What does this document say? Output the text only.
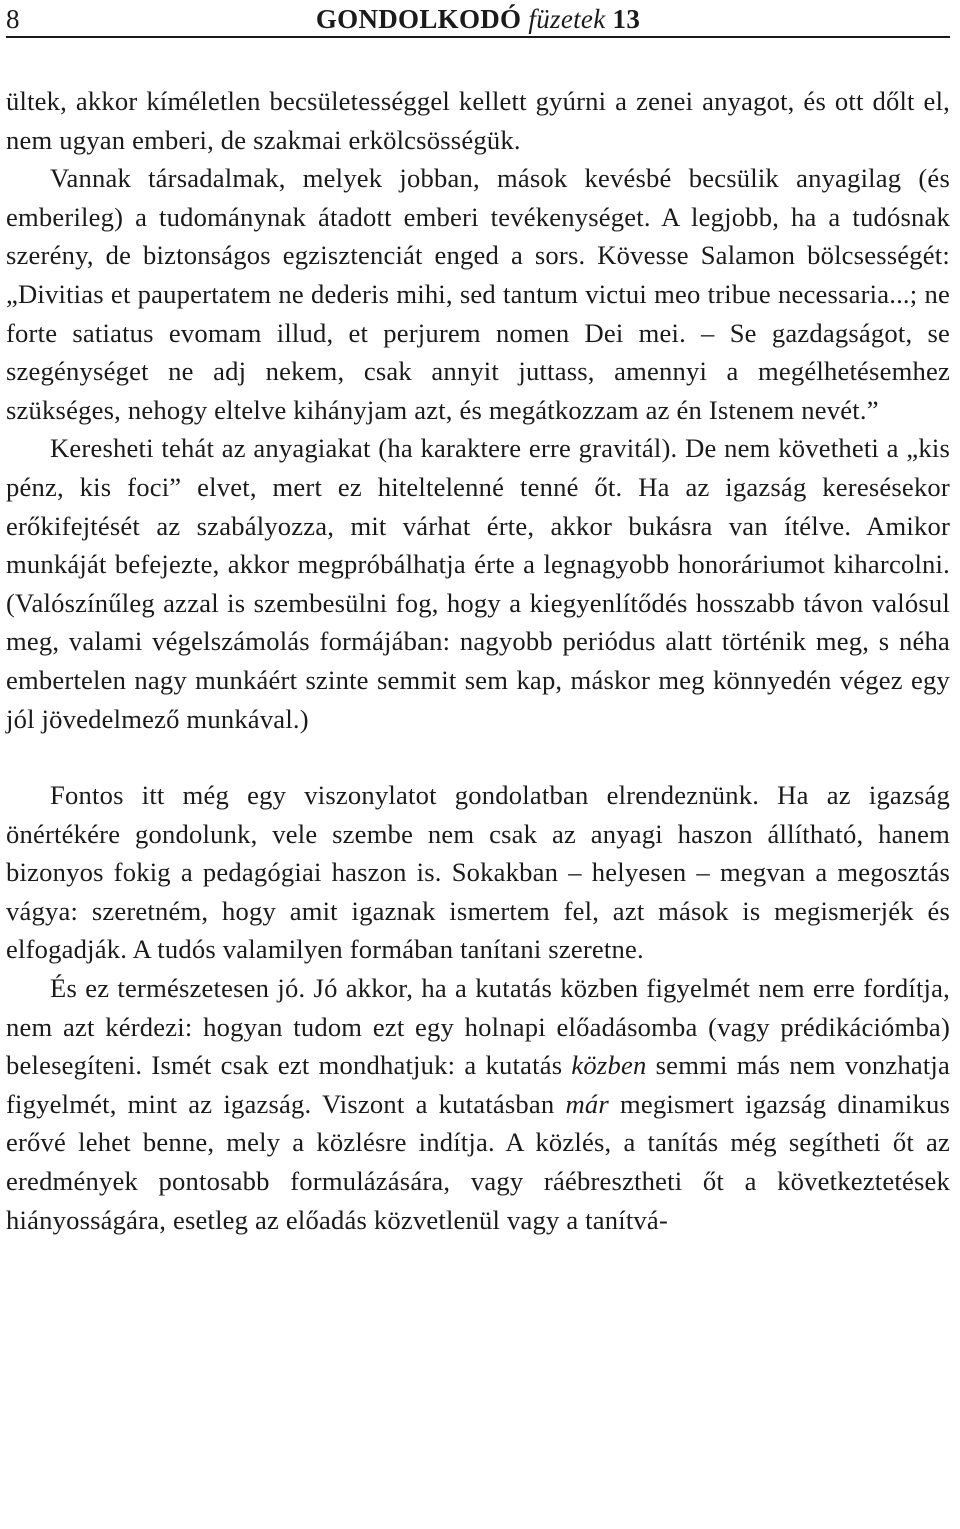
8	GONDOLKODÓ füzetek 13

ültek, akkor kíméletlen becsületességgel kellett gyúrni a zenei anyagot, és ott dőlt el, nem ugyan emberi, de szakmai erkölcsösségük.

Vannak társadalmak, melyek jobban, mások kevésbé becsülik anyagilag (és emberileg) a tudománynak átadott emberi tevékenységet. A legjobb, ha a tudósnak szerény, de biztonságos egzisztenciát enged a sors. Kövesse Salamon bölcsességét: „Divitias et paupertatem ne dederis mihi, sed tantum victui meo tribue necessaria...; ne forte satiatus evomam illud, et perjurem nomen Dei mei. – Se gazdagságot, se szegénységet ne adj nekem, csak annyit juttass, amennyi a megélhetésemhez szükséges, nehogy eltelve kihányjam azt, és megátkozzam az én Istenem nevét.”

Keresheti tehát az anyagiakat (ha karaktere erre gravitál). De nem követheti a „kis pénz, kis foci” elvet, mert ez hiteltelenné tenné őt. Ha az igazság keresésekor erőkifejtését az szabályozza, mit várhat érte, akkor bukásra van ítélve. Amikor munkáját befejezte, akkor megpróbálhatja érte a legnagyobb honoráriumot kiharcolni. (Valószínűleg azzal is szembesülni fog, hogy a kiegyenlítődés hosszabb távon valósul meg, valami végelszámolás formájában: nagyobb periódus alatt történik meg, s néha embertelen nagy munkáért szinte semmit sem kap, máskor meg könnyedén végez egy jól jövedelmező munkával.)

Fontos itt még egy viszonylatot gondolatban elrendeznünk. Ha az igazság önértékére gondolunk, vele szembe nem csak az anyagi haszon állítható, hanem bizonyos fokig a pedagógiai haszon is. Sokakban – helyesen – megvan a megosztás vágya: szeretném, hogy amit igaznak ismertem fel, azt mások is megismerjék és elfogadják. A tudós valamilyen formában tanítani szeretne.

És ez természetesen jó. Jó akkor, ha a kutatás közben figyelmét nem erre fordítja, nem azt kérdezi: hogyan tudom ezt egy holnapi előadásomba (vagy prédikációmba) belesegíteni. Ismét csak ezt mondhatjuk: a kutatás közben semmi más nem vonzhatja figyelmét, mint az igazság. Viszont a kutatásban már megismert igazság dinamikus erővé lehet benne, mely a közlésre indítja. A közlés, a tanítás még segítheti őt az eredmények pontosabb formulázására, vagy ráébresztheti őt a következtetések hiányosságára, esetleg az előadás közvetlenül vagy a tanítvá-
